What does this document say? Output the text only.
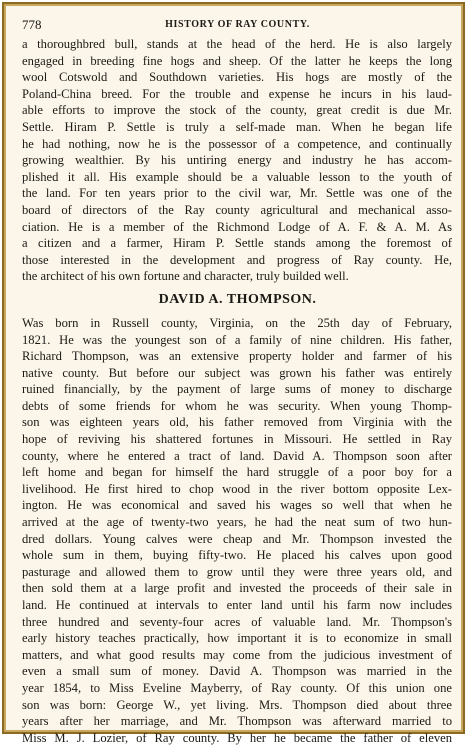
778	HISTORY OF RAY COUNTY.
a thoroughbred bull, stands at the head of the herd. He is also largely
engaged in breeding fine hogs and sheep. Of the latter he keeps the long
wool Cotswold and Southdown varieties. His hogs are mostly of the
Poland-China breed. For the trouble and expense he incurs in his laud-
able efforts to improve the stock of the county, great credit is due Mr.
Settle. Hiram P. Settle is truly a self-made man. When he began life
he had nothing, now he is the possessor of a competence, and continually
growing wealthier. By his untiring energy and industry he has accom-
plished it all. His example should be a valuable lesson to the youth of
the land. For ten years prior to the civil war, Mr. Settle was one of the
board of directors of the Ray county agricultural and mechanical asso-
ciation. He is a member of the Richmond Lodge of A. F. & A. M. As
a citizen and a farmer, Hiram P. Settle stands among the foremost of
those interested in the development and progress of Ray county. He,
the architect of his own fortune and character, truly builded well.
DAVID A. THOMPSON.
Was born in Russell county, Virginia, on the 25th day of February,
1821. He was the youngest son of a family of nine children. His father,
Richard Thompson, was an extensive property holder and farmer of his
native county. But before our subject was grown his father was entirely
ruined financially, by the payment of large sums of money to discharge
debts of some friends for whom he was security. When young Thomp-
son was eighteen years old, his father removed from Virginia with the
hope of reviving his shattered fortunes in Missouri. He settled in Ray
county, where he entered a tract of land. David A. Thompson soon after
left home and began for himself the hard struggle of a poor boy for a
livelihood. He first hired to chop wood in the river bottom opposite Lex-
ington. He was economical and saved his wages so well that when he
arrived at the age of twenty-two years, he had the neat sum of two hun-
dred dollars. Young calves were cheap and Mr. Thompson invested the
whole sum in them, buying fifty-two. He placed his calves upon good
pasturage and allowed them to grow until they were three years old, and
then sold them at a large profit and invested the proceeds of their sale in
land. He continued at intervals to enter land until his farm now includes
three hundred and seventy-four acres of valuable land. Mr. Thompson's
early history teaches practically, how important it is to economize in small
matters, and what good results may come from the judicious investment of
even a small sum of money. David A. Thompson was married in the
year 1854, to Miss Eveline Mayberry, of Ray county. Of this union one
son was born: George W., yet living. Mrs. Thompson died about three
years after her marriage, and Mr. Thompson was afterward married to
Miss M. J. Lozier, of Ray county. By her he became the father of eleven
